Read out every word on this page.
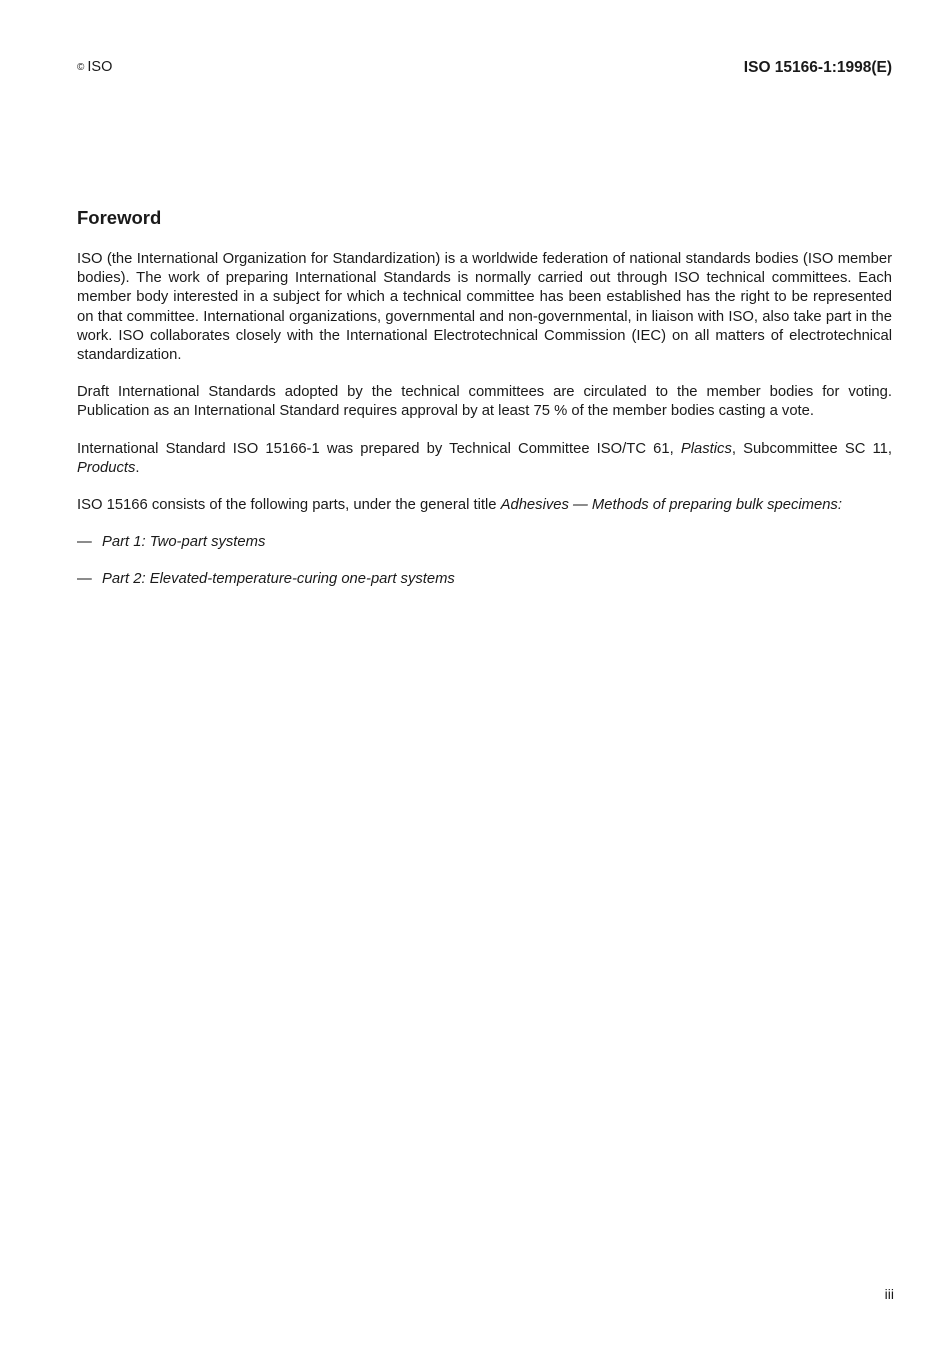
© ISO	ISO 15166-1:1998(E)
Foreword

ISO (the International Organization for Standardization) is a worldwide federation of national standards bodies (ISO member bodies). The work of preparing International Standards is normally carried out through ISO technical committees. Each member body interested in a subject for which a technical committee has been established has the right to be represented on that committee. International organizations, governmental and non-governmental, in liaison with ISO, also take part in the work. ISO collaborates closely with the International Electrotechnical Commission (IEC) on all matters of electrotechnical standardization.

Draft International Standards adopted by the technical committees are circulated to the member bodies for voting. Publication as an International Standard requires approval by at least 75 % of the member bodies casting a vote.

International Standard ISO 15166-1 was prepared by Technical Committee ISO/TC 61, Plastics, Subcommittee SC 11, Products.

ISO 15166 consists of the following parts, under the general title Adhesives — Methods of preparing bulk specimens:

— Part 1: Two-part systems
— Part 2: Elevated-temperature-curing one-part systems
iii
